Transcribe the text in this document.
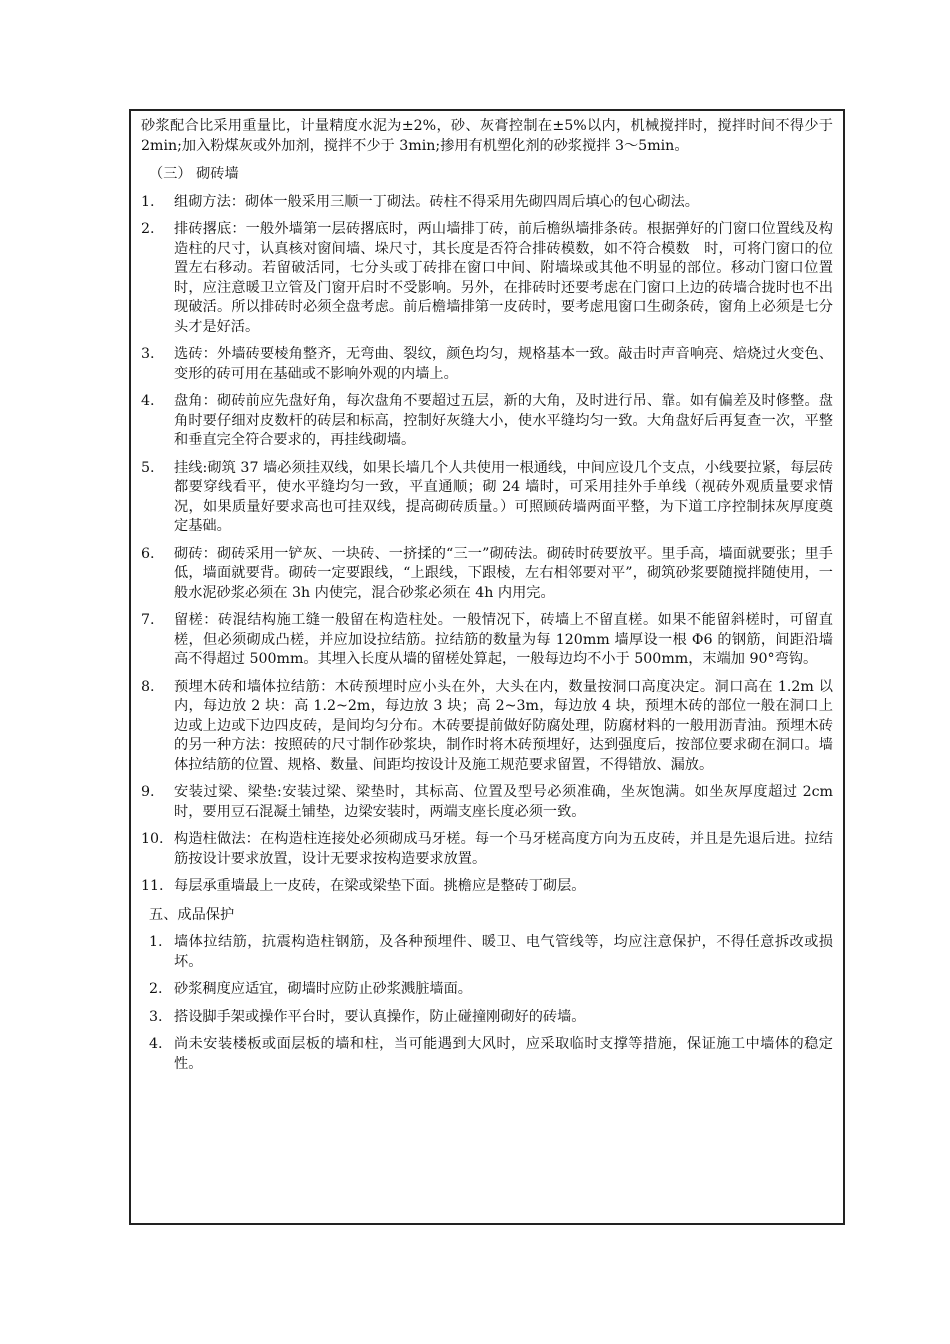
砂浆配合比采用重量比，计量精度水泥为±2%，砂、灰膏控制在±5%以内，机械搅拌时，搅拌时间不得少于 2min;加入粉煤灰或外加剂，搅拌不少于 3min;掺用有机塑化剂的砂浆搅拌 3～5min。

（三） 砌砖墙

1. 组砌方法：砌体一般采用三顺一丁砌法。砖柱不得采用先砌四周后填心的包心砌法。
2. 排砖撂底：一般外墙第一层砖撂底时，两山墙排丁砖，前后檐纵墙排条砖。根据弹好的门窗口位置线及构造柱的尺寸，认真核对窗间墙、垛尺寸，其长度是否符合排砖模数，如不符合模数　时，可将门窗口的位置左右移动。若留破活同，七分头或丁砖排在窗口中间、附墙垛或其他不明显的部位。移动门窗口位置时，应注意暖卫立管及门窗开启时不受影响。另外，在排砖时还要考虑在门窗口上边的砖墙合拢时也不出现破活。所以排砖时必须全盘考虑。前后檐墙排第一皮砖时，要考虑甩窗口生砌条砖，窗角上必须是七分头才是好活。
3. 选砖：外墙砖要棱角整齐，无弯曲、裂纹，颜色均匀，规格基本一致。敲击时声音响亮、焙烧过火变色、变形的砖可用在基础或不影响外观的内墙上。
4. 盘角：砌砖前应先盘好角，每次盘角不要超过五层，新的大角，及时进行吊、靠。如有偏差及时修整。盘角时要仔细对皮数杆的砖层和标高，控制好灰缝大小，使水平缝均匀一致。大角盘好后再复查一次，平整和垂直完全符合要求的，再挂线砌墙。
5. 挂线:砌筑 37 墙必须挂双线，如果长墙几个人共使用一根通线，中间应设几个支点，小线要拉紧，每层砖都要穿线看平，使水平缝均匀一致，平直通顺；砌 24 墙时，可采用挂外手单线（视砖外观质量要求情况，如果质量好要求高也可挂双线，提高砌砖质量。）可照顾砖墙两面平整，为下道工序控制抹灰厚度奠定基础。
6. 砌砖：砌砖采用一铲灰、一块砖、一挤揉的“三一”砌砖法。砌砖时砖要放平。里手高，墙面就要张；里手低，墙面就要背。砌砖一定要跟线，“上跟线，下跟棱，左右相邻要对平”，砌筑砂浆要随搅拌随使用，一般水泥砂浆必须在 3h 内使完，混合砂浆必须在 4h 内用完。
7. 留槎：砖混结构施工缝一般留在构造柱处。一般情况下，砖墙上不留直槎。如果不能留斜槎时，可留直槎，但必须砌成凸槎，并应加设拉结筋。拉结筋的数量为每 120mm 墙厚设一根 Φ6 的钢筋，间距沿墙高不得超过 500mm。其埋入长度从墙的留槎处算起，一般每边均不小于 500mm，末端加 90°弯钩。
8. 预埋木砖和墙体拉结筋：木砖预埋时应小头在外，大头在内，数量按洞口高度决定。洞口高在 1.2m 以内，每边放 2 块：高 1.2~2m，每边放 3 块；高 2~3m，每边放 4 块，预埋木砖的部位一般在洞口上边或上边或下边四皮砖，是间均匀分布。木砖要提前做好防腐处理，防腐材料的一般用沥青油。预埋木砖的另一种方法：按照砖的尺寸制作砂浆块，制作时将木砖预埋好，达到强度后，按部位要求砌在洞口。墙体拉结筋的位置、规格、数量、间距均按设计及施工规范要求留置，不得错放、漏放。
9. 安装过梁、梁垫:安装过梁、梁垫时，其标高、位置及型号必须准确，坐灰饱满。如坐灰厚度超过 2cm 时，要用豆石混凝土铺垫，边梁安装时，两端支座长度必须一致。
10. 构造柱做法：在构造柱连接处必须砌成马牙槎。每一个马牙槎高度方向为五皮砖，并且是先退后进。拉结筋按设计要求放置，设计无要求按构造要求放置。
11. 每层承重墙最上一皮砖，在梁或梁垫下面。挑檐应是整砖丁砌层。

五、成品保护

1. 墙体拉结筋，抗震构造柱钢筋，及各种预埋件、暖卫、电气管线等，均应注意保护，不得任意拆改或损坏。
2. 砂浆稠度应适宜，砌墙时应防止砂浆溅脏墙面。
3. 搭设脚手架或操作平台时，要认真操作，防止碰撞刚砌好的砖墙。
4. 尚未安装楼板或面层板的墙和柱，当可能遇到大风时，应采取临时支撑等措施，保证施工中墙体的稳定性。
